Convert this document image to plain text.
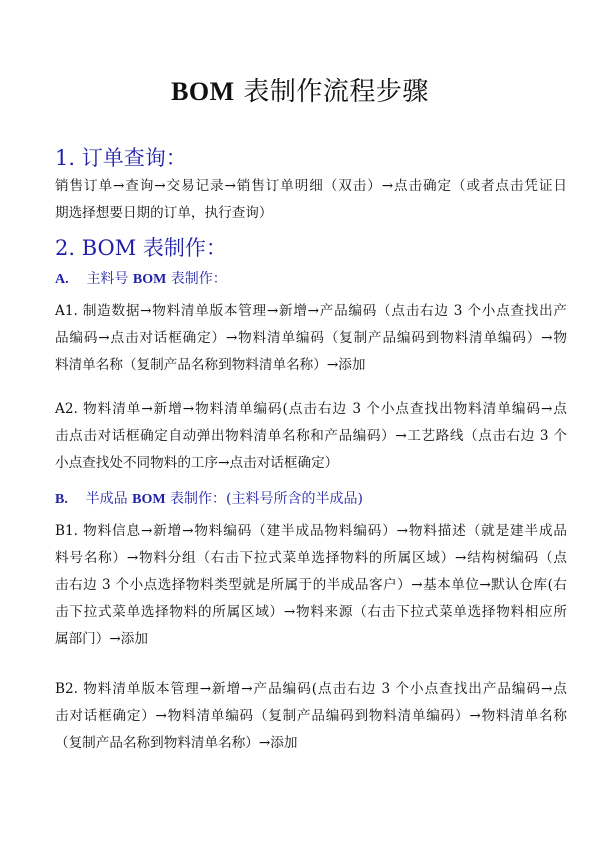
BOM 表制作流程步骤
1. 订单查询：
销售订单→查询→交易记录→销售订单明细（双击）→点击确定（或者点击凭证日
期选择想要日期的订单，执行查询）
2. BOM 表制作：
A. 主料号 BOM 表制作：
A1. 制造数据→物料清单版本管理→新增→产品编码（点击右边 3 个小点查找出产
品编码→点击对话框确定）→物料清单编码（复制产品编码到物料清单编码）→物
料清单名称（复制产品名称到物料清单名称）→添加
A2. 物料清单→新增→物料清单编码(点击右边 3 个小点查找出物料清单编码→点
击点击对话框确定自动弹出物料清单名称和产品编码）→工艺路线（点击右边 3 个
小点查找处不同物料的工序→点击对话框确定）
B. 半成品 BOM 表制作：(主料号所含的半成品)
B1. 物料信息→新增→物料编码（建半成品物料编码）→物料描述（就是建半成品
料号名称）→物料分组（右击下拉式菜单选择物料的所属区域）→结构树编码（点
击右边 3 个小点选择物料类型就是所属于的半成品客户）→基本单位→默认仓库(右
击下拉式菜单选择物料的所属区域）→物料来源（右击下拉式菜单选择物料相应所
属部门）→添加
B2. 物料清单版本管理→新增→产品编码(点击右边 3 个小点查找出产品编码→点
击对话框确定）→物料清单编码（复制产品编码到物料清单编码）→物料清单名称
（复制产品名称到物料清单名称）→添加
